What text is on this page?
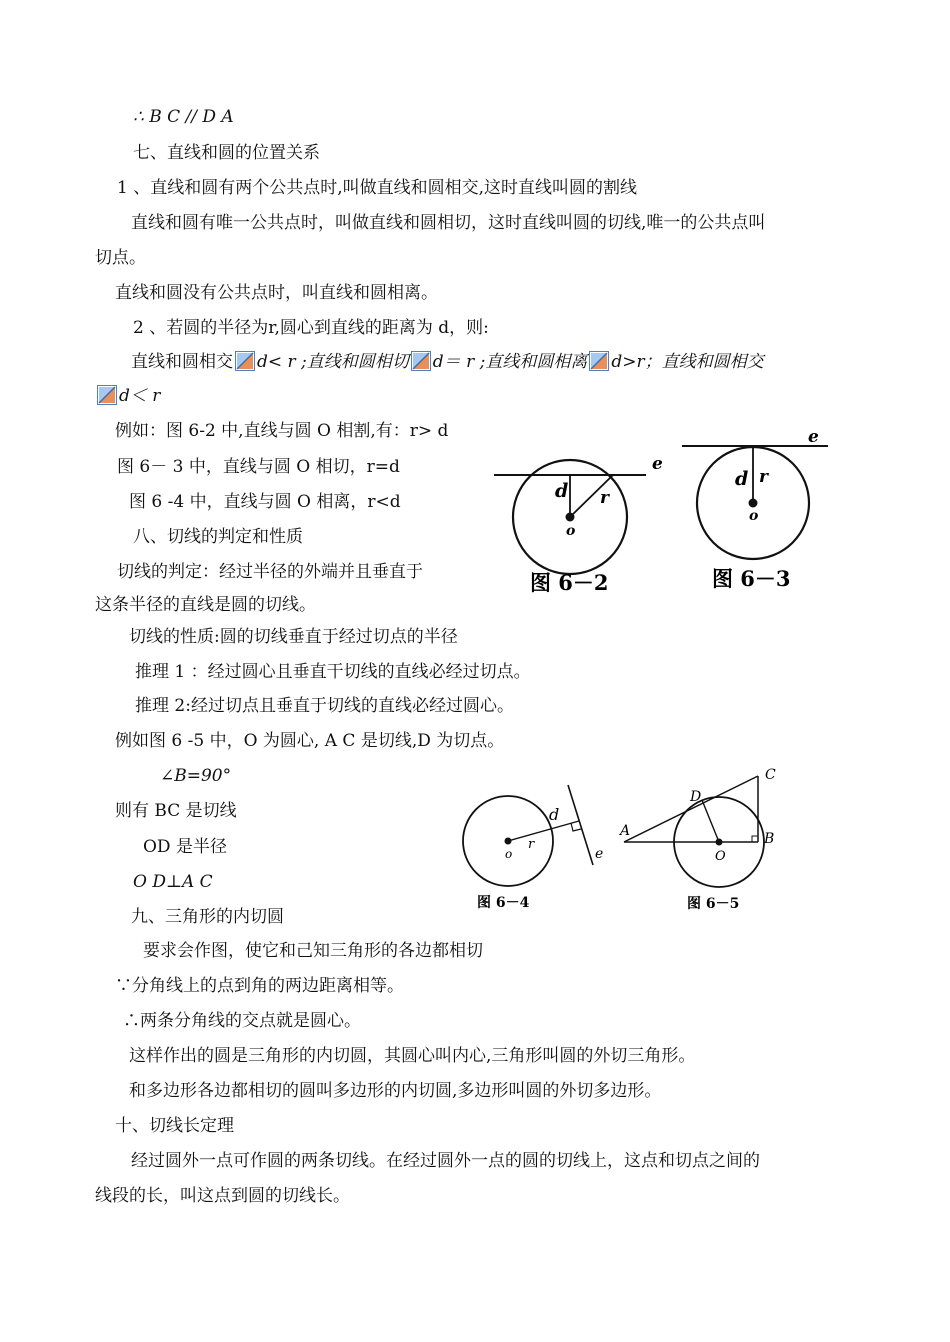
∴ B C // D A
七、直线和圆的位置关系
1 、直线和圆有两个公共点时,叫做直线和圆相交,这时直线叫圆的割线
直线和圆有唯一公共点时，叫做直线和圆相切，这时直线叫圆的切线,唯一的公共点叫
切点。
直线和圆没有公共点时，叫直线和圆相离。
2 、若圆的半径为r,圆心到直线的距离为 d，则:
直线和圆相交 d< r ;直线和圆相切 d＝ r ;直线和圆相离 d>r；直线和圆相交
d＜ r
例如：图 6-2 中,直线与圆 O 相割,有：r> d
图 6－ 3 中，直线与圆 O 相切，r=d
图 6 -4 中，直线与圆 O 相离，r<d
八、切线的判定和性质
切线的判定：经过半径的外端并且垂直于
这条半径的直线是圆的切线。
切线的性质:圆的切线垂直于经过切点的半径
推理 1 ：经过圆心且垂直干切线的直线必经过切点。
推理 2:经过切点且垂直于切线的直线必经过圆心。
例如图 6 -5 中，O 为圆心, A C 是切线,D 为切点。
∠B=90°
则有 BC 是切线
OD 是半径
O D⊥A C
九、三角形的内切圆
要求会作图，使它和己知三角形的各边都相切
∵分角线上的点到角的两边距离相等。
∴两条分角线的交点就是圆心。
这样作出的圆是三角形的内切圆，其圆心叫内心,三角形叫圆的外切三角形。
和多边形各边都相切的圆叫多边形的内切圆,多边形叫圆的外切多边形。
十、切线长定理
经过圆外一点可作圆的两条切线。在经过圆外一点的圆的切线上，这点和切点之间的
线段的长，叫这点到圆的切线长。
e
d r
o
图 6－2
e
d r
o
图 6－3
e
d
r
o
图 6－4
A	B
C
D
O
图 6－5
